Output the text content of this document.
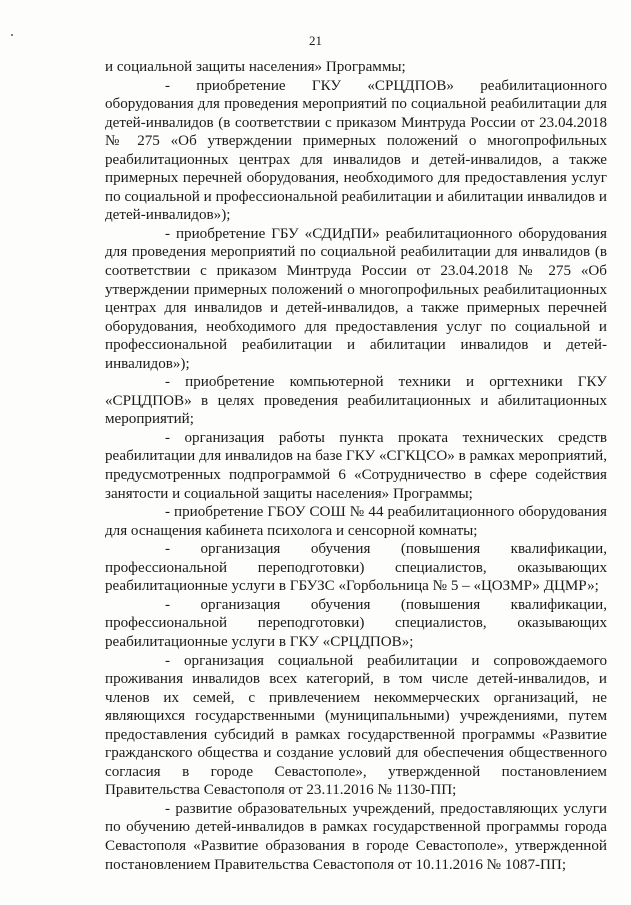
21

и социальной защиты населения» Программы;

- приобретение ГКУ «СРЦДПОВ» реабилитационного оборудования для проведения мероприятий по социальной реабилитации для детей-инвалидов (в соответствии с приказом Минтруда России от 23.04.2018 № 275 «Об утверждении примерных положений о многопрофильных реабилитационных центрах для инвалидов и детей-инвалидов, а также примерных перечней оборудования, необходимого для предоставления услуг по социальной и профессиональной реабилитации и абилитации инвалидов и детей-инвалидов»);

- приобретение ГБУ «СДИдПИ» реабилитационного оборудования для проведения мероприятий по социальной реабилитации для инвалидов (в соответствии с приказом Минтруда России от 23.04.2018 № 275 «Об утверждении примерных положений о многопрофильных реабилитационных центрах для инвалидов и детей-инвалидов, а также примерных перечней оборудования, необходимого для предоставления услуг по социальной и профессиональной реабилитации и абилитации инвалидов и детей-инвалидов»);

- приобретение компьютерной техники и оргтехники ГКУ «СРЦДПОВ» в целях проведения реабилитационных и абилитационных мероприятий;

- организация работы пункта проката технических средств реабилитации для инвалидов на базе ГКУ «СГКЦСО» в рамках мероприятий, предусмотренных подпрограммой 6 «Сотрудничество в сфере содействия занятости и социальной защиты населения» Программы;

- приобретение ГБОУ СОШ № 44 реабилитационного оборудования для оснащения кабинета психолога и сенсорной комнаты;

- организация обучения (повышения квалификации, профессиональной переподготовки) специалистов, оказывающих реабилитационные услуги в ГБУЗС «Горбольница № 5 – «ЦОЗМР» ДЦМР»;

- организация обучения (повышения квалификации, профессиональной переподготовки) специалистов, оказывающих реабилитационные услуги в ГКУ «СРЦДПОВ»;

- организация социальной реабилитации и сопровождаемого проживания инвалидов всех категорий, в том числе детей-инвалидов, и членов их семей, с привлечением некоммерческих организаций, не являющихся государственными (муниципальными) учреждениями, путем предоставления субсидий в рамках государственной программы «Развитие гражданского общества и создание условий для обеспечения общественного согласия в городе Севастополе», утвержденной постановлением Правительства Севастополя от 23.11.2016 № 1130-ПП;

- развитие образовательных учреждений, предоставляющих услуги по обучению детей-инвалидов в рамках государственной программы города Севастополя «Развитие образования в городе Севастополе», утвержденной постановлением Правительства Севастополя от 10.11.2016 № 1087-ПП;
